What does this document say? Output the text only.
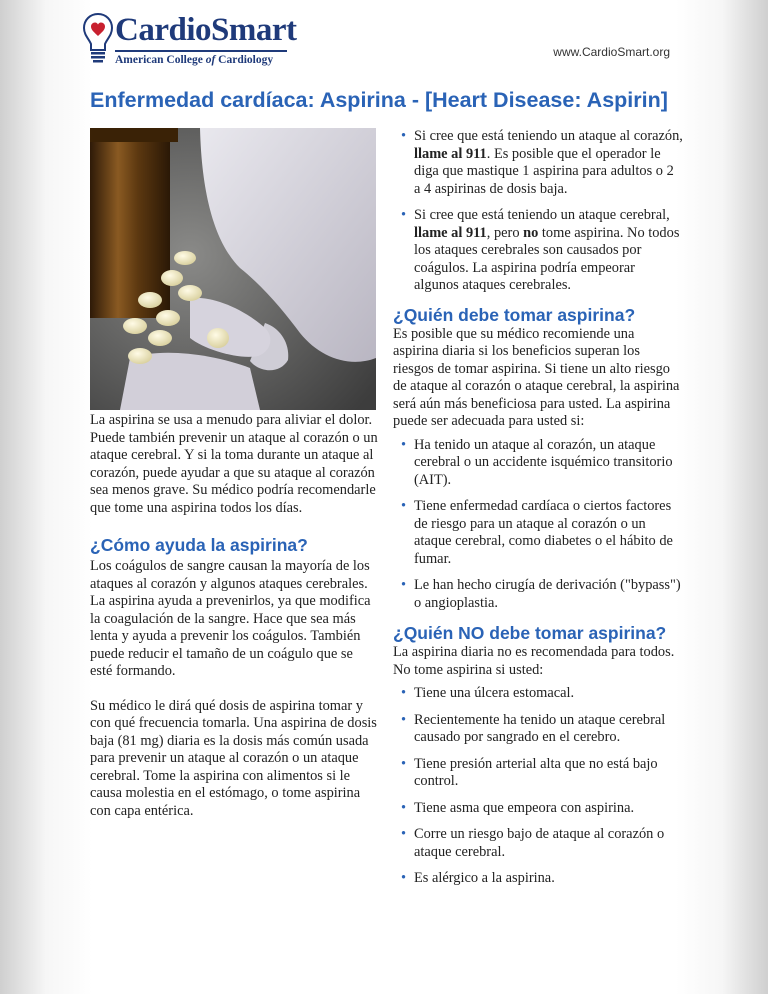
CardioSmart
American College of Cardiology
www.CardioSmart.org
Enfermedad cardíaca: Aspirina - [Heart Disease: Aspirin]

La aspirina se usa a menudo para aliviar el dolor. Puede también prevenir un ataque al corazón o un ataque cerebral. Y si la toma durante un ataque al corazón, puede ayudar a que su ataque al corazón sea menos grave. Su médico podría recomendarle que tome una aspirina todos los días.

¿Cómo ayuda la aspirina?

Los coágulos de sangre causan la mayoría de los ataques al corazón y algunos ataques cerebrales. La aspirina ayuda a prevenirlos, ya que modifica la coagulación de la sangre. Hace que sea más lenta y ayuda a prevenir los coágulos. También puede reducir el tamaño de un coágulo que se esté formando.

Su médico le dirá qué dosis de aspirina tomar y con qué frecuencia tomarla. Una aspirina de dosis baja (81 mg) diaria es la dosis más común usada para prevenir un ataque al corazón o un ataque cerebral. Tome la aspirina con alimentos si le causa molestia en el estómago, o tome aspirina con capa entérica.

• Si cree que está teniendo un ataque al corazón, llame al 911. Es posible que el operador le diga que mastique 1 aspirina para adultos o 2 a 4 aspirinas de dosis baja.
• Si cree que está teniendo un ataque cerebral, llame al 911, pero no tome aspirina. No todos los ataques cerebrales son causados por coágulos. La aspirina podría empeorar algunos ataques cerebrales.
¿Quién debe tomar aspirina?

Es posible que su médico recomiende una aspirina diaria si los beneficios superan los riesgos de tomar aspirina. Si tiene un alto riesgo de ataque al corazón o ataque cerebral, la aspirina será aún más beneficiosa para usted. La aspirina puede ser adecuada para usted si:

• Ha tenido un ataque al corazón, un ataque cerebral o un accidente isquémico transitorio (AIT).
• Tiene enfermedad cardíaca o ciertos factores de riesgo para un ataque al corazón o un ataque cerebral, como diabetes o el hábito de fumar.
• Le han hecho cirugía de derivación ("bypass") o angioplastia.
¿Quién NO debe tomar aspirina?

La aspirina diaria no es recomendada para todos. No tome aspirina si usted:

• Tiene una úlcera estomacal.
• Recientemente ha tenido un ataque cerebral causado por sangrado en el cerebro.
• Tiene presión arterial alta que no está bajo control.
• Tiene asma que empeora con aspirina.
• Corre un riesgo bajo de ataque al corazón o ataque cerebral.
• Es alérgico a la aspirina.
